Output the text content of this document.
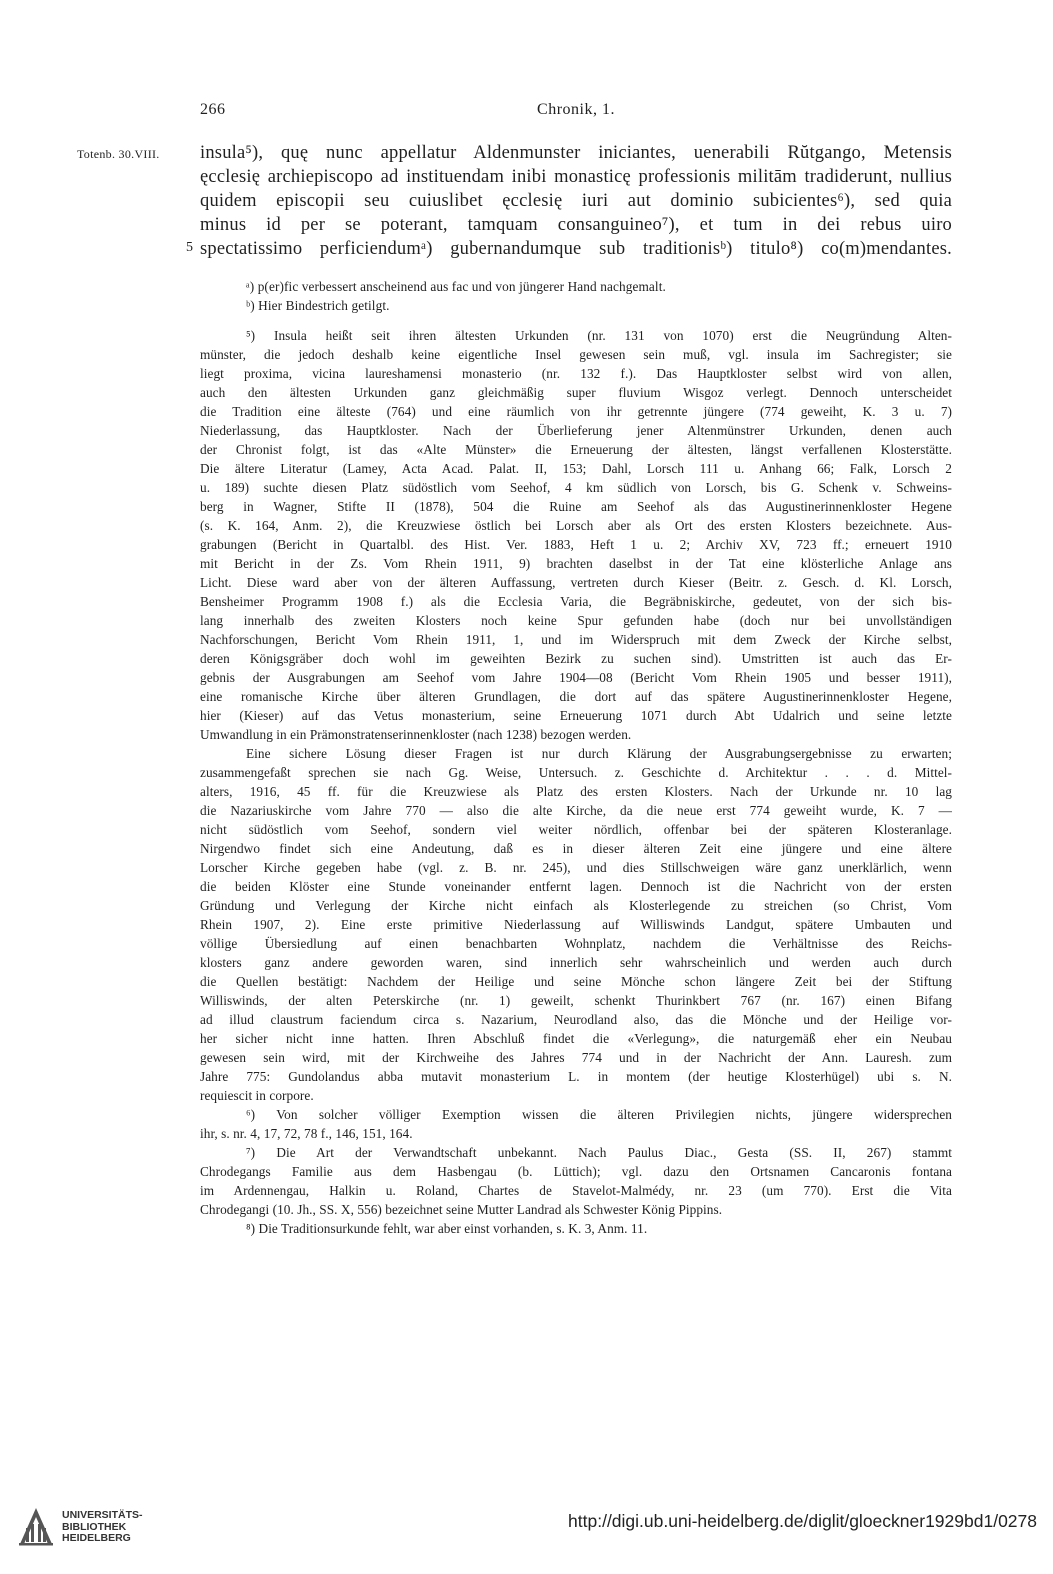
266	Chronik, 1.
Totenb. 30.VIII.
5
insula⁵), quę nunc appellatur Aldenmunster iniciantes, uenerabili Rŭtgango, Metensis
ęcclesię archiepiscopo ad instituendam inibi monasticę professionis militām tradiderunt, nullius
quidem episcopii seu cuiuslibet ęcclesię iuri aut dominio subicientes⁶), sed quia
minus id per se poterant, tamquam consanguineo⁷), et tum in dei rebus uiro
spectatissimo perficiendumᵃ) gubernandumque sub traditionisᵇ) titulo⁸) co(m)mendantes.
ᵃ) p(er)fic verbessert anscheinend aus fac und von jüngerer Hand nachgemalt.
ᵇ) Hier Bindestrich getilgt.
⁵) Insula heißt seit ihren ältesten Urkunden (nr. 131 von 1070) erst die Neugründung Alten-
münster, die jedoch deshalb keine eigentliche Insel gewesen sein muß, vgl. insula im Sachregister; sie
liegt proxima, vicina laureshamensi monasterio (nr. 132 f.). Das Hauptkloster selbst wird von allen,
auch den ältesten Urkunden ganz gleichmäßig super fluvium Wisgoz verlegt. Dennoch unterscheidet
die Tradition eine älteste (764) und eine räumlich von ihr getrennte jüngere (774 geweiht, K. 3 u. 7)
Niederlassung, das Hauptkloster. Nach der Überlieferung jener Altenmünstrer Urkunden, denen auch
der Chronist folgt, ist das «Alte Münster» die Erneuerung der ältesten, längst verfallenen Klosterstätte.
Die ältere Literatur (Lamey, Acta Acad. Palat. II, 153; Dahl, Lorsch 111 u. Anhang 66; Falk, Lorsch 2
u. 189) suchte diesen Platz südöstlich vom Seehof, 4 km südlich von Lorsch, bis G. Schenk v. Schweins-
berg in Wagner, Stifte II (1878), 504 die Ruine am Seehof als das Augustinerinnenkloster Hegene
(s. K. 164, Anm. 2), die Kreuzwiese östlich bei Lorsch aber als Ort des ersten Klosters bezeichnete. Aus-
grabungen (Bericht in Quartalbl. des Hist. Ver. 1883, Heft 1 u. 2; Archiv XV, 723 ff.; erneuert 1910
mit Bericht in der Zs. Vom Rhein 1911, 9) brachten daselbst in der Tat eine klösterliche Anlage ans
Licht. Diese ward aber von der älteren Auffassung, vertreten durch Kieser (Beitr. z. Gesch. d. Kl. Lorsch,
Bensheimer Programm 1908 f.) als die Ecclesia Varia, die Begräbniskirche, gedeutet, von der sich bis-
lang innerhalb des zweiten Klosters noch keine Spur gefunden habe (doch nur bei unvollständigen
Nachforschungen, Bericht Vom Rhein 1911, 1, und im Widerspruch mit dem Zweck der Kirche selbst,
deren Königsgräber doch wohl im geweihten Bezirk zu suchen sind). Umstritten ist auch das Er-
gebnis der Ausgrabungen am Seehof vom Jahre 1904—08 (Bericht Vom Rhein 1905 und besser 1911),
eine romanische Kirche über älteren Grundlagen, die dort auf das spätere Augustinerinnenkloster Hegene,
hier (Kieser) auf das Vetus monasterium, seine Erneuerung 1071 durch Abt Udalrich und seine letzte
Umwandlung in ein Prämonstratenserinnenkloster (nach 1238) bezogen werden.
Eine sichere Lösung dieser Fragen ist nur durch Klärung der Ausgrabungsergebnisse zu erwarten;
zusammengefaßt sprechen sie nach Gg. Weise, Untersuch. z. Geschichte d. Architektur . . . d. Mittel-
alters, 1916, 45 ff. für die Kreuzwiese als Platz des ersten Klosters. Nach der Urkunde nr. 10 lag
die Nazariuskirche vom Jahre 770 — also die alte Kirche, da die neue erst 774 geweiht wurde, K. 7 —
nicht südöstlich vom Seehof, sondern viel weiter nördlich, offenbar bei der späteren Klosteranlage.
Nirgendwo findet sich eine Andeutung, daß es in dieser älteren Zeit eine jüngere und eine ältere
Lorscher Kirche gegeben habe (vgl. z. B. nr. 245), und dies Stillschweigen wäre ganz unerklärlich, wenn
die beiden Klöster eine Stunde voneinander entfernt lagen. Dennoch ist die Nachricht von der ersten
Gründung und Verlegung der Kirche nicht einfach als Klosterlegende zu streichen (so Christ, Vom
Rhein 1907, 2). Eine erste primitive Niederlassung auf Williswinds Landgut, spätere Umbauten und
völlige Übersiedlung auf einen benachbarten Wohnplatz, nachdem die Verhältnisse des Reichs-
klosters ganz andere geworden waren, sind innerlich sehr wahrscheinlich und werden auch durch
die Quellen bestätigt: Nachdem der Heilige und seine Mönche schon längere Zeit bei der Stiftung
Williswinds, der alten Peterskirche (nr. 1) geweilt, schenkt Thurinkbert 767 (nr. 167) einen Bifang
ad illud claustrum faciendum circa s. Nazarium, Neurodland also, das die Mönche und der Heilige vor-
her sicher nicht inne hatten. Ihren Abschluß findet die «Verlegung», die naturgemäß eher ein Neubau
gewesen sein wird, mit der Kirchweihe des Jahres 774 und in der Nachricht der Ann. Lauresh. zum
Jahre 775: Gundolandus abba mutavit monasterium L. in montem (der heutige Klosterhügel) ubi s. N.
requiescit in corpore.
⁶) Von solcher völliger Exemption wissen die älteren Privilegien nichts, jüngere widersprechen
ihr, s. nr. 4, 17, 72, 78 f., 146, 151, 164.
⁷) Die Art der Verwandtschaft unbekannt. Nach Paulus Diac., Gesta (SS. II, 267) stammt
Chrodegangs Familie aus dem Hasbengau (b. Lüttich); vgl. dazu den Ortsnamen Cancaronis fontana
im Ardennengau, Halkin u. Roland, Chartes de Stavelot-Malmédy, nr. 23 (um 770). Erst die Vita
Chrodegangi (10. Jh., SS. X, 556) bezeichnet seine Mutter Landrad als Schwester König Pippins.
⁸) Die Traditionsurkunde fehlt, war aber einst vorhanden, s. K. 3, Anm. 11.
UNIVERSITÄTS-
BIBLIOTHEK
HEIDELBERG
http://digi.ub.uni-heidelberg.de/diglit/gloeckner1929bd1/0278
